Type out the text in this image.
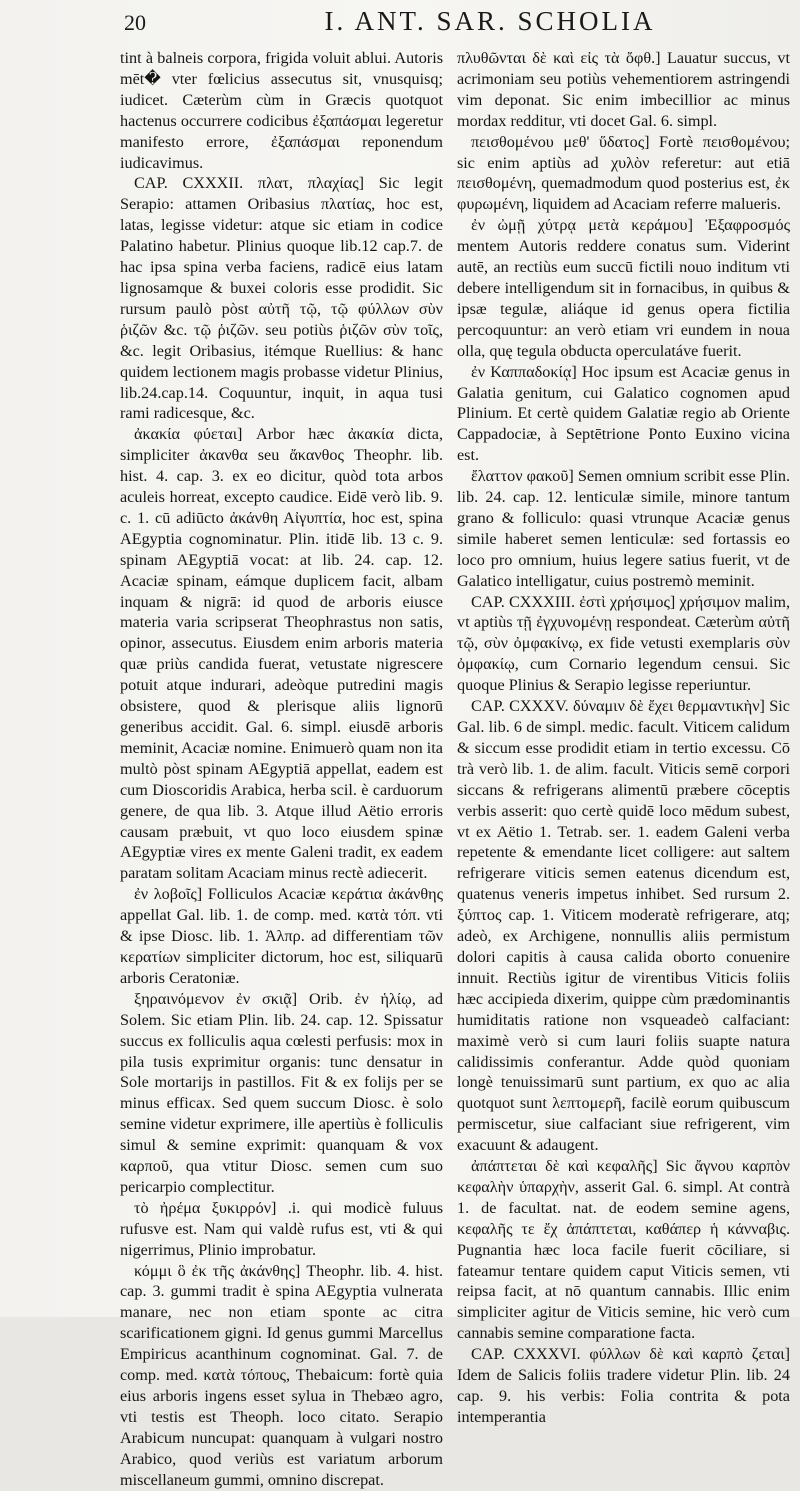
20	I. ANT. SAR. SCHOLIA

tint à balneis corpora, frigida voluit ablui. Autoris mēt� vter fœlicius assecutus sit, vnusquisq; iudicet. Cæterùm cùm in Græcis quotquot hactenus occurrere codicibus ἐξαπάσμαι legeretur manifesto errore, ἐξαπάσμαι reponendum iudicavimus.

CAP. CXXXII. πλατ, πλαχίας] Sic legit Serapio: attamen Oribasius πλατίας, hoc est, latas, legisse videtur: atque sic etiam in codice Palatino habetur. Plinius quoque lib.12 cap.7. de hac ipsa spina verba faciens, radicē eius latam lignosamque & buxei coloris esse prodidit. Sic rursum paulò pòst αὐτῆ τῷ, τῷ φύλλων σὺν ῥιζῶν &c. τῷ ῥιζῶν. seu potiùs ῥιζῶν σὺν τοῖς, &c. legit Oribasius, itémque Ruellius: & hanc quidem lectionem magis probasse videtur Plinius, lib.24.cap.14. Coquuntur, inquit, in aqua tusi rami radicesque, &c.

ἀκακία φύεται] Arbor hæc ἀκακία dicta, simpliciter ἀκανθα seu ἄκανθος Theophr. lib. hist. 4. cap. 3. ex eo dicitur, quòd tota arbos aculeis horreat, excepto caudice. Eidē verò lib. 9. c. 1. cū adiūcto ἀκάνθη Αἰγυπτία, hoc est, spina AEgyptia cognominatur. Plin. itidē lib. 13 c. 9. spinam AEgyptiā vocat: at lib. 24. cap. 12. Acaciæ spinam, eámque duplicem facit, albam inquam & nigrā: id quod de arboris eiusce materia varia scripserat Theophrastus non satis, opinor, assecutus. Eiusdem enim arboris materia quæ priùs candida fuerat, vetustate nigrescere potuit atque indurari, adeòque putredini magis obsistere, quod & plerisque aliis lignorū generibus accidit. Gal. 6. simpl. eiusdē arboris meminit, Acaciæ nomine. Enimuerò quam non ita multò pòst spinam AEgyptiā appellat, eadem est cum Dioscoridis Arabica, herba scil. è carduorum genere, de qua lib. 3. Atque illud Aëtio erroris causam præbuit, vt quo loco eiusdem spinæ AEgyptiæ vires ex mente Galeni tradit, ex eadem paratam solitam Acaciam minus rectè adiecerit.

ἐν λοβοῖς] Folliculos Acaciæ κεράτια ἀκάνθης appellat Gal. lib. 1. de comp. med. κατὰ τόπ. vti & ipse Diosc. lib. 1. Ἀλπρ. ad differentiam τῶν κερατίων simpliciter dictorum, hoc est, siliquarū arboris Ceratoniæ.

ξηραινόμενον ἐν σκιᾷ] Orib. ἐν ἡλίῳ, ad Solem. Sic etiam Plin. lib. 24. cap. 12. Spissatur succus ex folliculis aqua cœlesti perfusis: mox in pila tusis exprimitur organis: tunc densatur in Sole mortarijs in pastillos. Fit & ex folijs per se minus efficax. Sed quem succum Diosc. è solo semine videtur exprimere, ille apertiùs è folliculis simul & semine exprimit: quanquam & vox καρποῦ, qua vtitur Diosc. semen cum suo pericarpio complectitur.

τὸ ἠρέμα ξυκιρρόν] .i. qui modicè fuluus rufusve est. Nam qui valdè rufus est, vti & qui nigerrimus, Plinio improbatur.

κόμμι ὃ ἐκ τῆς ἀκάνθης] Theophr. lib. 4. hist. cap. 3. gummi tradit è spina AEgyptia vulnerata manare, nec non etiam sponte ac citra scarificationem gigni. Id genus gummi Marcellus Empiricus acanthinum cognominat. Gal. 7. de comp. med. κατὰ τόπους, Thebaicum: fortè quia eius arboris ingens esset sylua in Thebæo agro, vti testis est Theoph. loco citato. Serapio Arabicum nuncupat: quanquam à vulgari nostro Arabico, quod veriùs est variatum arborum miscellaneum gummi, omnino discrepat.

πλυθῶνται δὲ καὶ εἰς τὰ ὄφθ.] Lauatur succus, vt acrimoniam seu potiùs vehementiorem astringendi vim deponat. Sic enim imbecillior ac minus mordax redditur, vti docet Gal. 6. simpl.

πεισθομένου μεθ' ὕδατος] Fortè πεισθομένου; sic enim aptiùs ad χυλὸν referetur: aut etiā πεισθομένη, quemadmodum quod posterius est, ἐκ φυρωμένη, liquidem ad Acaciam referre malueris.

ἐν ὠμῇ χύτρᾳ μετὰ κεράμου] Ἐξαφροσμός mentem Autoris reddere conatus sum. Viderint autē, an rectiùs eum succū fictili nouo inditum vti debere intelligendum sit in fornacibus, in quibus & ipsæ tegulæ, aliáque id genus opera fictilia percoquuntur: an verò etiam vri eundem in noua olla, quę tegula obducta operculatáve fuerit.

ἐν Καππαδοκίᾳ] Hoc ipsum est Acaciæ genus in Galatia genitum, cui Galatico cognomen apud Plinium. Et certè quidem Galatiæ regio ab Oriente Cappadociæ, à Septētrione Ponto Euxino vicina est.

ἔλαττον φακοῦ] Semen omnium scribit esse Plin. lib. 24. cap. 12. lenticulæ simile, minore tantum grano & folliculo: quasi vtrunque Acaciæ genus simile haberet semen lenticulæ: sed fortassis eo loco pro omnium, huius legere satius fuerit, vt de Galatico intelligatur, cuius postremò meminit.

CAP. CXXXIII. ἐστὶ χρήσιμος] χρήσιμον malim, vt aptiùs τῇ ἐγχυνομένῃ respondeat. Cæterùm αὐτῆ τῷ, σὺν ὀμφακίνῳ, ex fide vetusti exemplaris σὺν ὀμφακίῳ, cum Cornario legendum censui. Sic quoque Plinius & Serapio legisse reperiuntur.

CAP. CXXXV. δύναμιν δὲ ἔχει θερμαντικὴν] Sic Gal. lib. 6 de simpl. medic. facult. Viticem calidum & siccum esse prodidit etiam in tertio excessu. Cō trà verò lib. 1. de alim. facult. Viticis semē corpori siccans & refrigerans alimentū præbere cōceptis verbis asserit: quo certè quidē loco mēdum subest, vt ex Aëtio 1. Tetrab. ser. 1. eadem Galeni verba repetente & emendante licet colligere: aut saltem refrigerare viticis semen eatenus dicendum est, quatenus veneris impetus inhibet. Sed rursum 2. ξύπτος cap. 1. Viticem moderatè refrigerare, atq; adeò, ex Archigene, nonnullis aliis permistum dolori capitis à causa calida oborto conuenire innuit. Rectiùs igitur de virentibus Viticis foliis hæc accipieda dixerim, quippe cùm prædominantis humiditatis ratione non vsqueadeò calfaciant: maximè verò si cum lauri foliis suapte natura calidissimis conferantur. Adde quòd quoniam longè tenuissimarū sunt partium, ex quo ac alia quotquot sunt λεπτομερῆ, facilè eorum quibuscum permiscetur, siue calfaciant siue refrigerent, vim exacuunt & adaugent.

ἀπάπτεται δὲ καὶ κεφαλῆς] Sic ἄγνου καρπὸν κεφαλὴν ὑπαρχὴν, asserit Gal. 6. simpl. At contrà 1. de facultat. nat. de eodem semine agens, κεφαλῆς τε ἔχ ἀπάπτεται, καθάπερ ἡ κάνναβις. Pugnantia hæc loca facile fuerit cōciliare, si fateamur tentare quidem caput Viticis semen, vti reipsa facit, at nō quantum cannabis. Illic enim simpliciter agitur de Viticis semine, hic verò cum cannabis semine comparatione facta.

CAP. CXXXVI. φύλλων δὲ καὶ καρπὸ ζεται] Idem de Salicis foliis tradere videtur Plin. lib. 24 cap. 9. his verbis: Folia contrita & pota intemperantia
